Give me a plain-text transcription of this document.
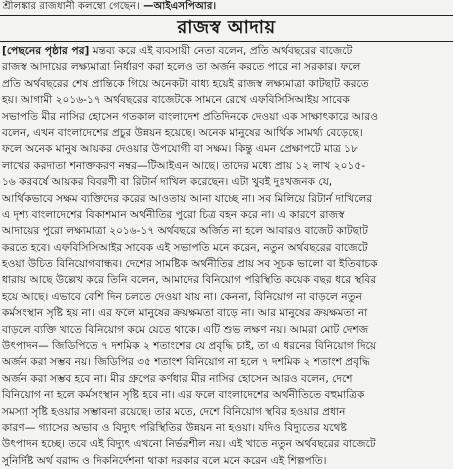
শ্রীলঙ্কার রাজধানী কলম্বো গেছেন। —আইএসপিআর।
রাজস্ব আদায়
[পেছনের পৃষ্ঠার পর] মন্তব্য করে এই ব্যবসায়ী নেতা বলেন, প্রতি অর্থবছরের বাজেটে
রাজস্ব আদায়ের লক্ষ্যমাত্রা নির্ধারণ করা হলেও তা অর্জন করতে পারে না সরকার। ফলে
প্রতি অর্থবছরের শেষ প্রান্তিকে গিয়ে অনেকটা বাধ্য হয়েই রাজস্ব লক্ষ্যমাত্রা কাটছাট করতে
হয়। আগামী ২০১৬-১৭ অর্থবছরের বাজেটকে সামনে রেখে এফবিসিসিআইয় সাবেক
সভাপতি মীর নাসির হোসেন গতকাল বাংলাদেশ প্রতিদিনকে দেওয়া এক সাক্ষাৎকারে আরও
বলেন, এখন বাংলাদেশের প্রচুর উন্নয়ন হয়েছে। অনেক মানুষের আর্থিক সামর্থ্য বেড়েছে।
ফলে অনেক মানুষ আয়কর দেওয়ার উপযোগী বা সক্ষম। কিন্তু এমন প্রেক্ষাপটে মাত্র ১৮
লাখের করদাতা শনাক্তকরণ নম্বর—টিআইএন আছে। তাদের মধ্যে প্রায় ১২ লাখ ২০১৫-
১৬ করবর্ষে আয়কর বিবরণী বা রিটার্ন দাখিল করেছেন। এটা খুবই দুঃখজনক যে,
আর্থিকভাবে সক্ষম ব্যক্তিদের করের আওতায় আনা যাচ্ছে না। সব মিলিয়ে রিটার্ন দাখিলের
এ দৃশ্য বাংলাদেশের বিকাশমান অর্থনীতির পুরো চিত্র বহন করে না। এ কারণে রাজস্ব
আদায়ের পুরো লক্ষ্যমাত্রা ২০১৬-১৭ অর্থবছরে অর্জিত না হলে আবারও বাজেট কাটছাট
করতে হবে। এফবিসিসিআইর সাবেক এই সভাপতি মনে করেন, নতুন অর্থবছরের বাজেটে
হওয়া উচিত বিনিয়োগবান্ধব। দেশের সামষ্টিক অর্থনীতির প্রায় সব সূচক ভালো বা ইতিবাচক
ধারায় আছে উল্লেখ করে তিনি বলেন, আমাদের বিনিয়োগ পরিস্থিতি কয়েক বছর ধরে স্থবির
হয়ে আছে। এভাবে বেশি দিন চলতে দেওয়া যায় না। কেননা, বিনিয়োগ না বাড়লে নতুন
কর্মসংস্থান সৃষ্টি হয় না। এর ফলে মানুষের ক্রয়ক্ষমতা বাড়ে না। আর মানুষের ক্রয়ক্ষমতা না
বাড়লে ব্যক্তি খাতে বিনিয়োগ কমে যেতে থাকে। এটি শুভ লক্ষণ নয়। আমরা মোট দেশজ
উৎপাদন— জিডিপিতে ৭ দশমিক ২ শতাংশের যে প্রবৃদ্ধি চাই, তা এ ধরনের বিনিয়োগ দিয়ে
অর্জন করা সম্ভব নয়। জিডিপির ৩৫ শতাংশ বিনিয়োগ না হলে ৭ দশমিক ২ শতাংশ প্রবৃদ্ধি
অর্জন করা সম্ভব হবে না। মীর গ্রুপের কর্ণধার মীর নাসির হোসেন আরও বলেন, দেশে
বিনিয়োগ না হলে কর্মসংস্থান সৃষ্টি হবে না। এর ফলে বাংলাদেশের অর্থনীতিতে বহুমাত্রিক
সমস্যা সৃষ্টি হওয়ার সম্ভাবনা রয়েছে। তার মতে, দেশে বিনিয়োগ স্থবির হওয়ার প্রধান
কারণ— গ্যাসের অভাব ও বিদ্যুৎ পরিস্থিতির উন্নয়ন না হওয়া। যদিও বিদ্যুতের যথেষ্ট
উৎপাদন হচ্ছে। তবে এই বিদ্যুৎ এখনো নির্ভরশীল নয়। এই খাতে নতুন অর্থবছরের বাজেটে
সুনির্দিষ্ট অর্থ বরাদ্দ ও দিকনির্দেশনা থাকা দরকার বলে মনে করেন এই শিল্পপতি।
